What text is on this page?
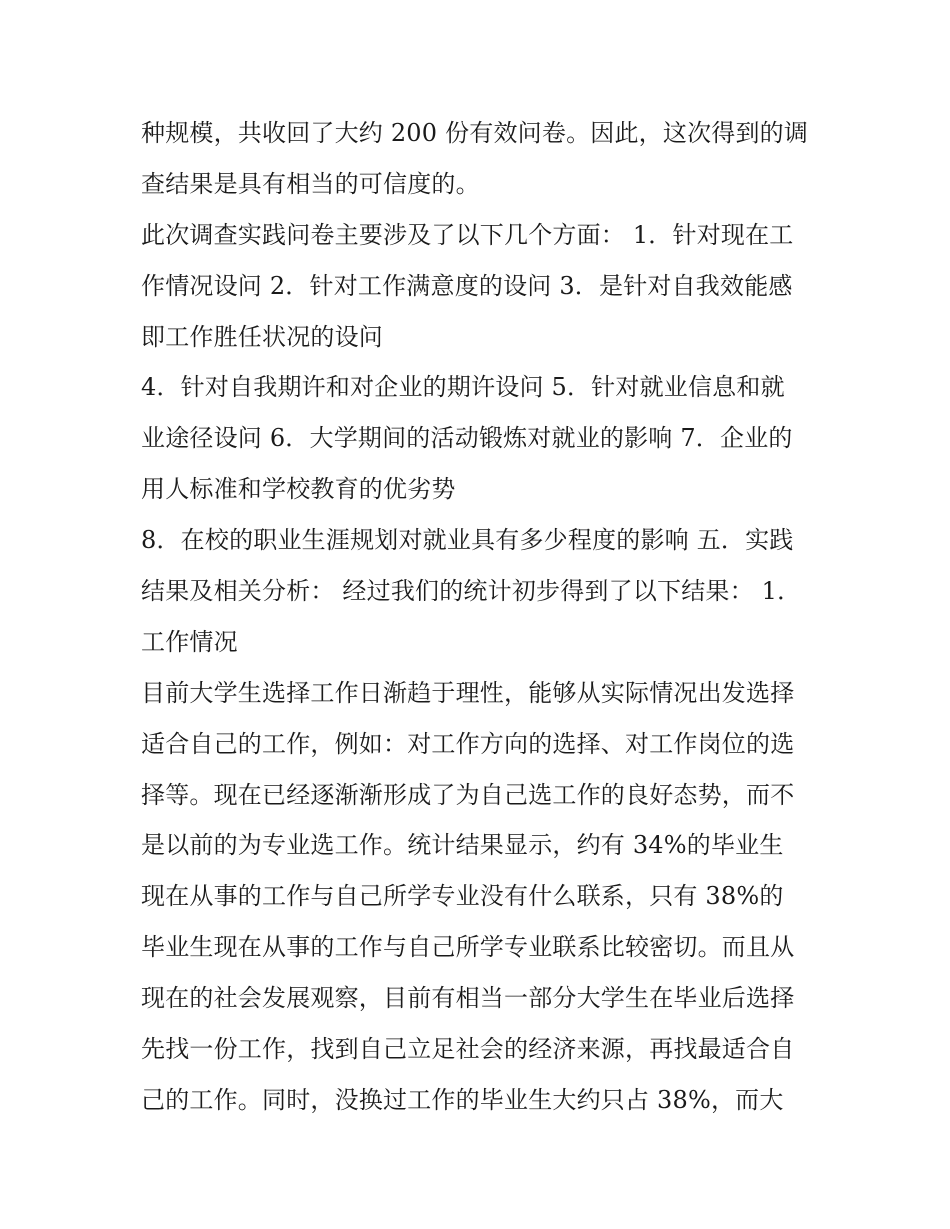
种规模，共收回了大约 200 份有效问卷。因此，这次得到的调
查结果是具有相当的可信度的。
此次调查实践问卷主要涉及了以下几个方面： 1．针对现在工
作情况设问 2．针对工作满意度的设问 3．是针对自我效能感
即工作胜任状况的设问
4．针对自我期许和对企业的期许设问 5．针对就业信息和就
业途径设问 6．大学期间的活动锻炼对就业的影响 7．企业的
用人标准和学校教育的优劣势
8．在校的职业生涯规划对就业具有多少程度的影响 五．实践
结果及相关分析： 经过我们的统计初步得到了以下结果： 1．
工作情况
目前大学生选择工作日渐趋于理性，能够从实际情况出发选择
适合自己的工作，例如：对工作方向的选择、对工作岗位的选
择等。现在已经逐渐渐形成了为自己选工作的良好态势，而不
是以前的为专业选工作。统计结果显示，约有 34%的毕业生
现在从事的工作与自己所学专业没有什么联系，只有 38%的
毕业生现在从事的工作与自己所学专业联系比较密切。而且从
现在的社会发展观察，目前有相当一部分大学生在毕业后选择
先找一份工作，找到自己立足社会的经济来源，再找最适合自
己的工作。同时，没换过工作的毕业生大约只占 38%，而大
